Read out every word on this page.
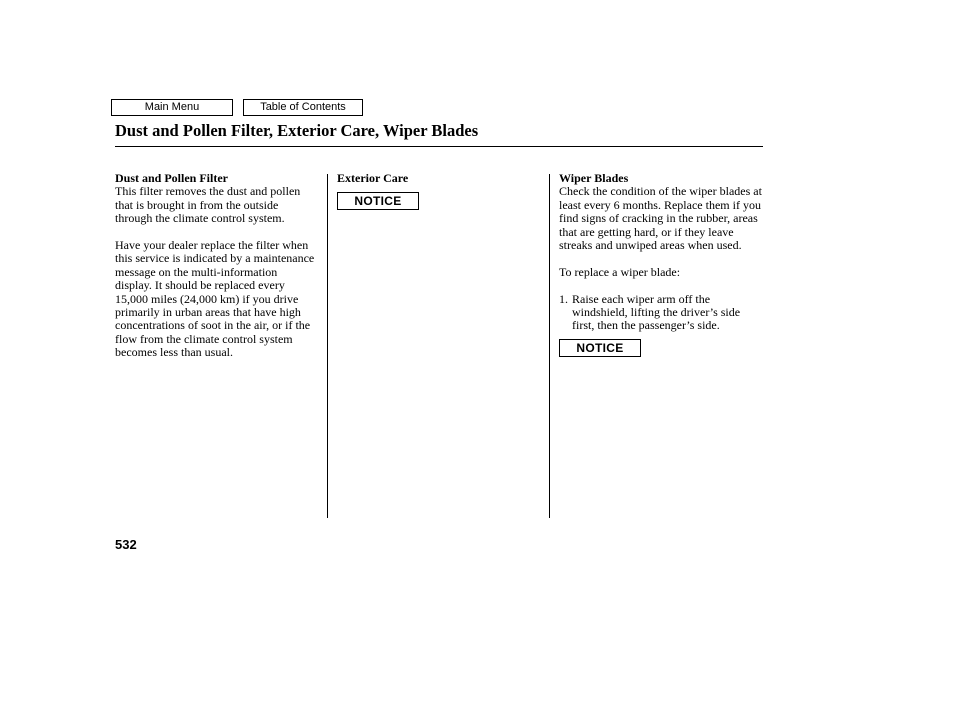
Main Menu	Table of Contents
Dust and Pollen Filter, Exterior Care, Wiper Blades
Dust and Pollen Filter

This filter removes the dust and pollen that is brought in from the outside through the climate control system.

Have your dealer replace the filter when this service is indicated by a maintenance message on the multi-information display. It should be replaced every 15,000 miles (24,000 km) if you drive primarily in urban areas that have high concentrations of soot in the air, or if the flow from the climate control system becomes less than usual.

Exterior Care
NOTICE
Wiper Blades

Check the condition of the wiper blades at least every 6 months. Replace them if you find signs of cracking in the rubber, areas that are getting hard, or if they leave streaks and unwiped areas when used.

To replace a wiper blade:

1. Raise each wiper arm off the windshield, lifting the driver’s side first, then the passenger’s side.
NOTICE
532
